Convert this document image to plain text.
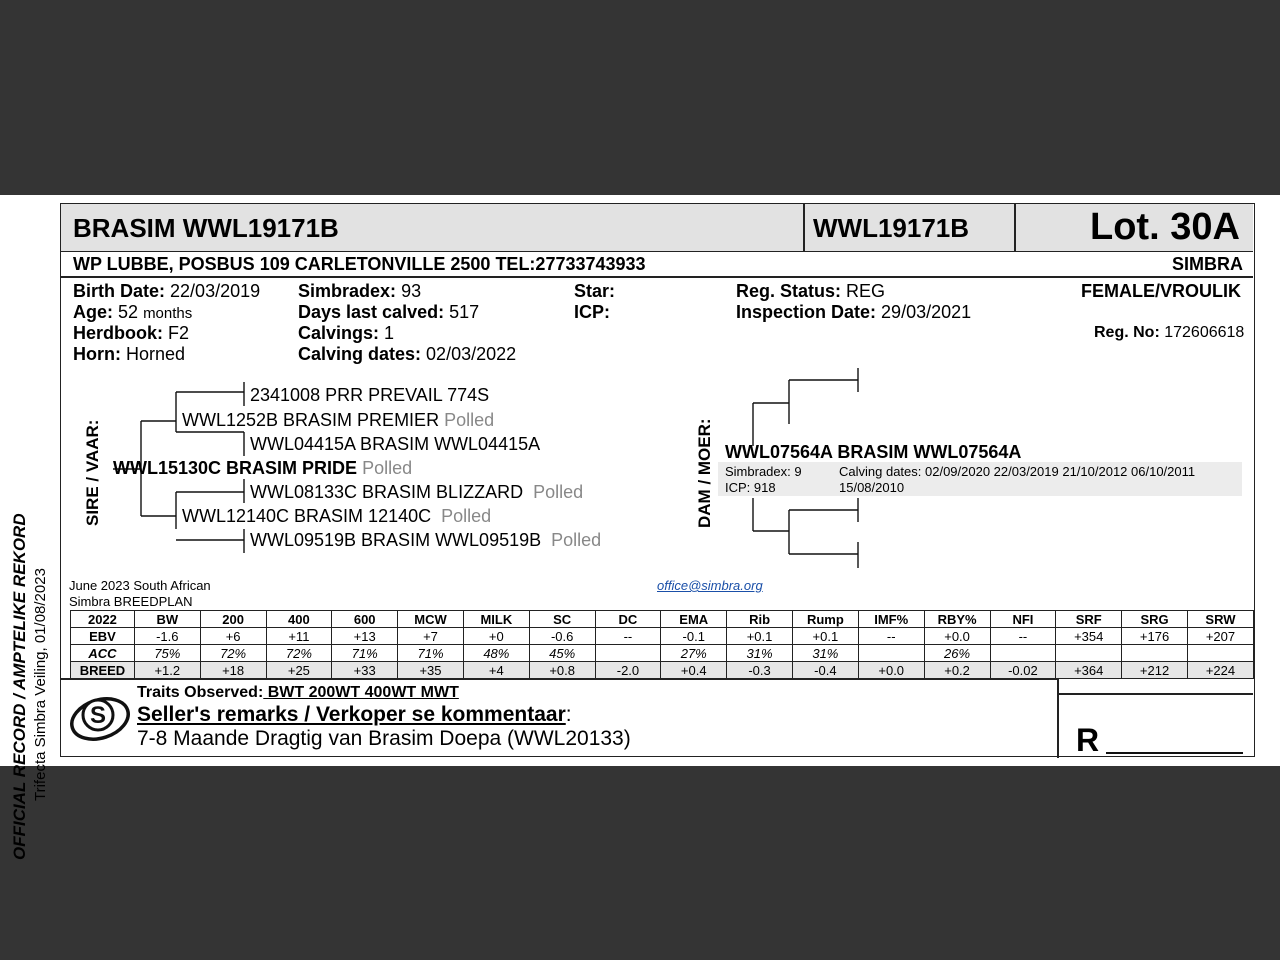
OFFICIAL RECORD / AMPTELIKE REKORD Trifecta Simbra Veiling, 01/08/2023
BRASIM WWL19171B	WWL19171B	Lot. 30A
WP LUBBE, POSBUS 109 CARLETONVILLE 2500 TEL:27733743933	SIMBRA
Birth Date: 22/03/2019
Age: 52 months
Herdbook: F2
Horn: Horned
Simbradex: 93
Days last calved: 517
Calvings: 1
Calving dates: 02/03/2022
Star:
ICP:
Reg. Status: REG
Inspection Date: 29/03/2021
FEMALE/VROULIK
Reg. No: 172606618
SIRE / VAAR:	DAM / MOER:
2341008 PRR PREVAIL 774S
WWL1252B BRASIM PREMIER Polled
WWL04415A BRASIM WWL04415A
WWL15130C BRASIM PRIDE Polled
WWL08133C BRASIM BLIZZARD Polled
WWL12140C BRASIM 12140C Polled
WWL09519B BRASIM WWL09519B Polled
WWL07564A BRASIM WWL07564A
Simbradex: 9
ICP: 918
Calving dates: 02/09/2020 22/03/2019 21/10/2012 06/10/2011
15/08/2010
June 2023 South African
Simbra BREEDPLAN
office@simbra.org
2022	BW	200	400	600	MCW	MILK	SC	DC	EMA	Rib	Rump	IMF%	RBY%	NFI	SRF	SRG	SRW
EBV	-1.6	+6	+11	+13	+7	+0	-0.6	--	-0.1	+0.1	+0.1	--	+0.0	--	+354	+176	+207
ACC	75%	72%	72%	71%	71%	48%	45%		27%	31%	31%		26%				
BREED	+1.2	+18	+25	+33	+35	+4	+0.8	-2.0	+0.4	-0.3	-0.4	+0.0	+0.2	-0.02	+364	+212	+224
S
Traits Observed: BWT 200WT 400WT MWT
Seller's remarks / Verkoper se kommentaar:
7-8 Maande Dragtig van Brasim Doepa (WWL20133)	R
